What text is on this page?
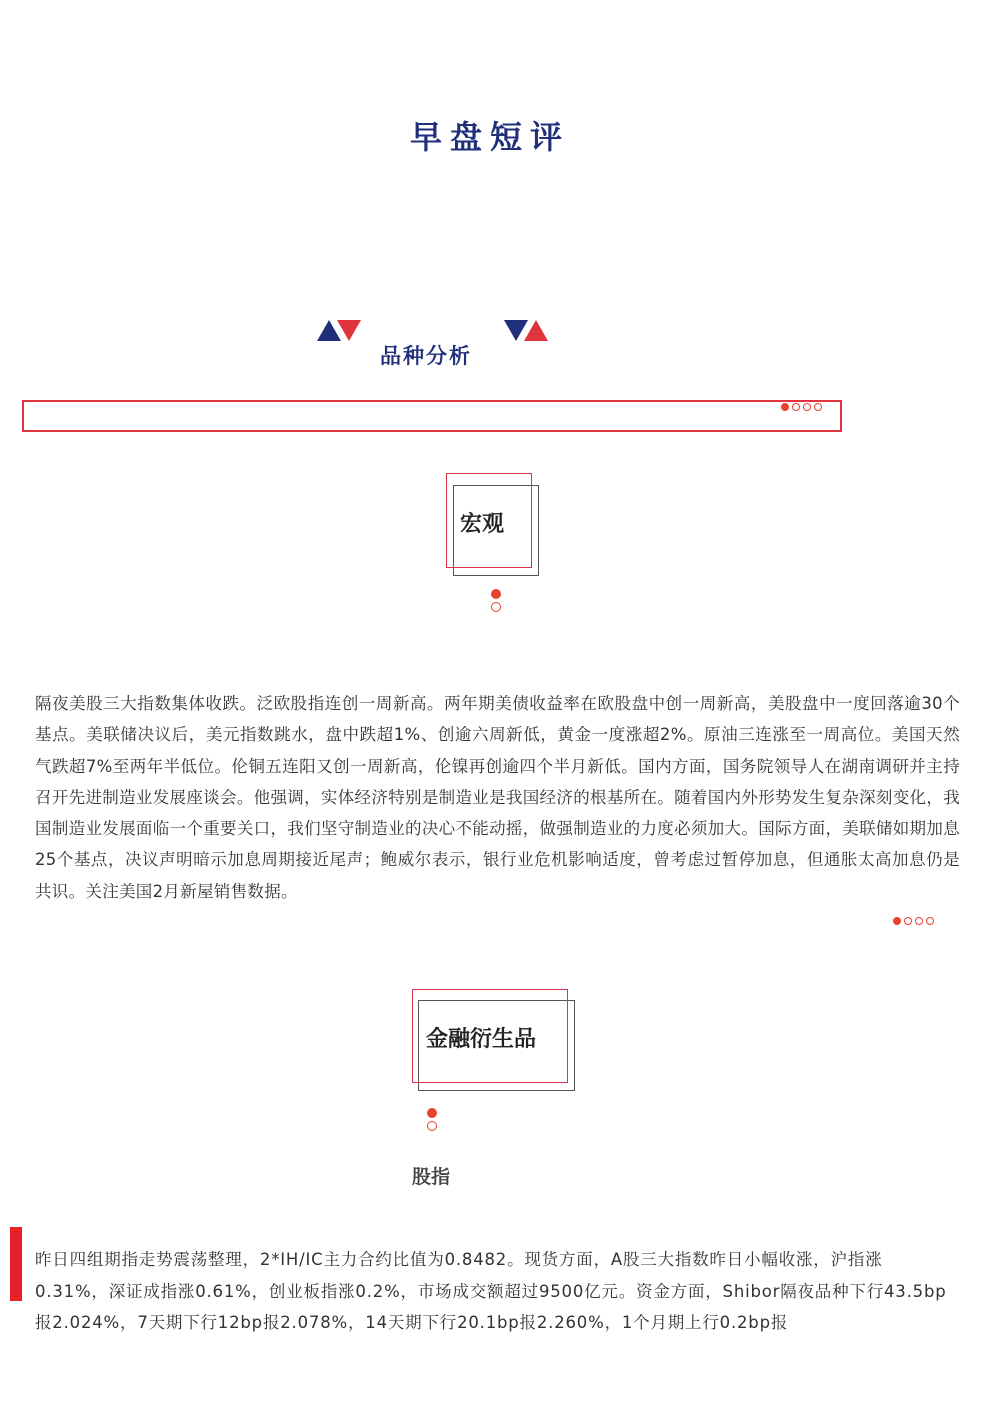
早盘短评
品种分析
宏观
隔夜美股三大指数集体收跌。泛欧股指连创一周新高。两年期美债收益率在欧股盘中创一周新高，美股盘中一度回落逾30个基点。美联储决议后，美元指数跳水，盘中跌超1%、创逾六周新低，黄金一度涨超2%。原油三连涨至一周高位。美国天然气跌超7%至两年半低位。伦铜五连阳又创一周新高，伦镍再创逾四个半月新低。国内方面，国务院领导人在湖南调研并主持召开先进制造业发展座谈会。他强调，实体经济特别是制造业是我国经济的根基所在。随着国内外形势发生复杂深刻变化，我国制造业发展面临一个重要关口，我们坚守制造业的决心不能动摇，做强制造业的力度必须加大。国际方面，美联储如期加息25个基点，决议声明暗示加息周期接近尾声；鲍威尔表示，银行业危机影响适度，曾考虑过暂停加息，但通胀太高加息仍是共识。关注美国2月新屋销售数据。
金融衍生品
股指
昨日四组期指走势震荡整理，2*IH/IC主力合约比值为0.8482。现货方面，A股三大指数昨日小幅收涨，沪指涨0.31%，深证成指涨0.61%，创业板指涨0.2%，市场成交额超过9500亿元。资金方面，Shibor隔夜品种下行43.5bp报2.024%，7天期下行12bp报2.078%，14天期下行20.1bp报2.260%，1个月期上行0.2bp报
